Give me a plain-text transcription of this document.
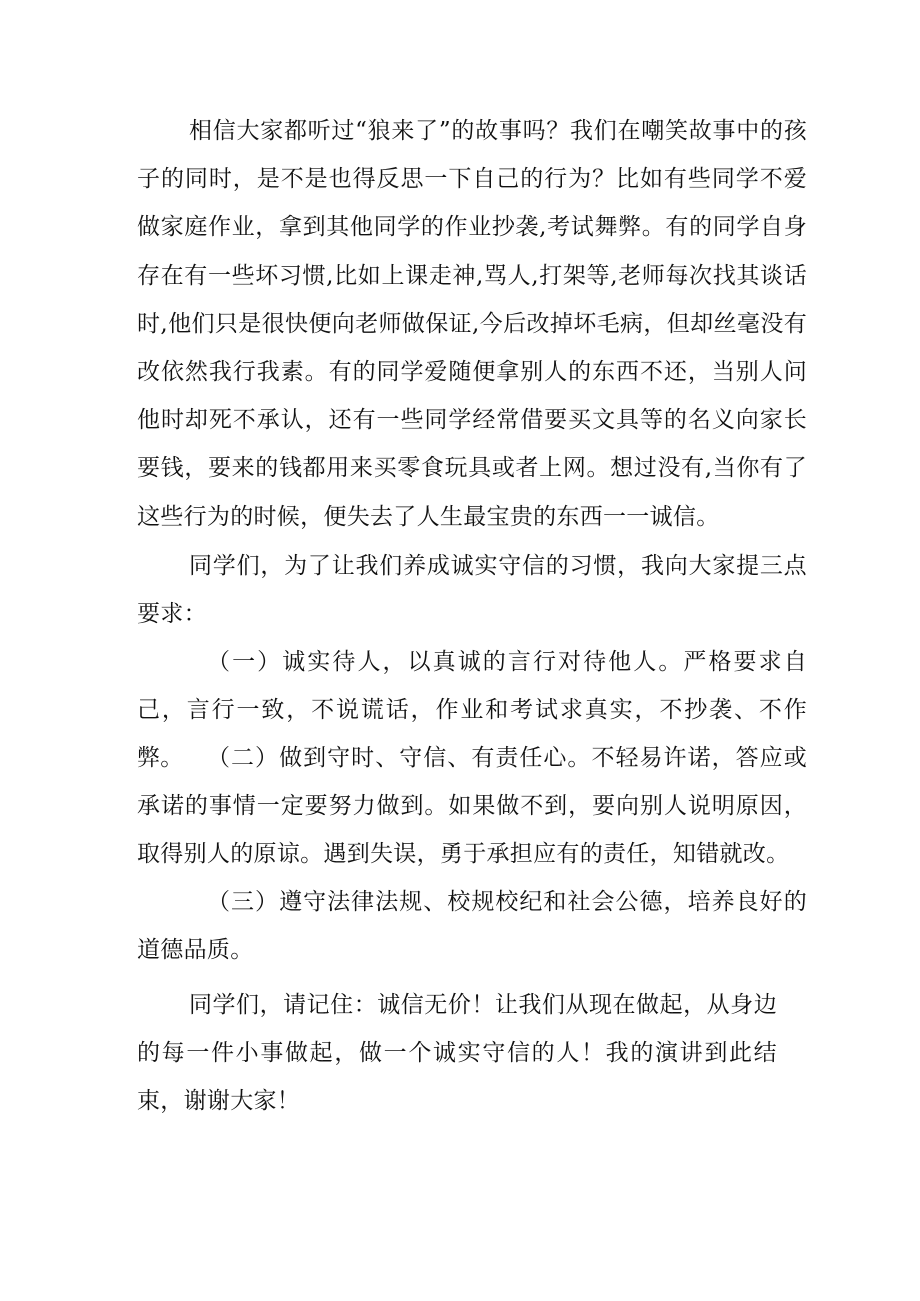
相信大家都听过“狼来了”的故事吗？我们在嘲笑故事中的孩子的同时，是不是也得反思一下自己的行为？比如有些同学不爱做家庭作业，拿到其他同学的作业抄袭,考试舞弊。有的同学自身存在有一些坏习惯,比如上课走神,骂人,打架等,老师每次找其谈话时,他们只是很快便向老师做保证,今后改掉坏毛病，但却丝毫没有改依然我行我素。有的同学爱随便拿别人的东西不还，当别人问他时却死不承认，还有一些同学经常借要买文具等的名义向家长要钱，要来的钱都用来买零食玩具或者上网。想过没有,当你有了这些行为的时候，便失去了人生最宝贵的东西一一诚信。

同学们，为了让我们养成诚实守信的习惯，我向大家提三点要求：

（一）诚实待人，以真诚的言行对待他人。严格要求自己，言行一致，不说谎话，作业和考试求真实，不抄袭、不作弊。	（二）做到守时、守信、有责任心。不轻易许诺，答应或承诺的事情一定要努力做到。如果做不到，要向别人说明原因，取得别人的原谅。遇到失误，勇于承担应有的责任，知错就改。

（三）遵守法律法规、校规校纪和社会公德，培养良好的道德品质。

同学们，请记住：诚信无价！让我们从现在做起，从身边的每一件小事做起，做一个诚实守信的人！我的演讲到此结束，谢谢大家！
